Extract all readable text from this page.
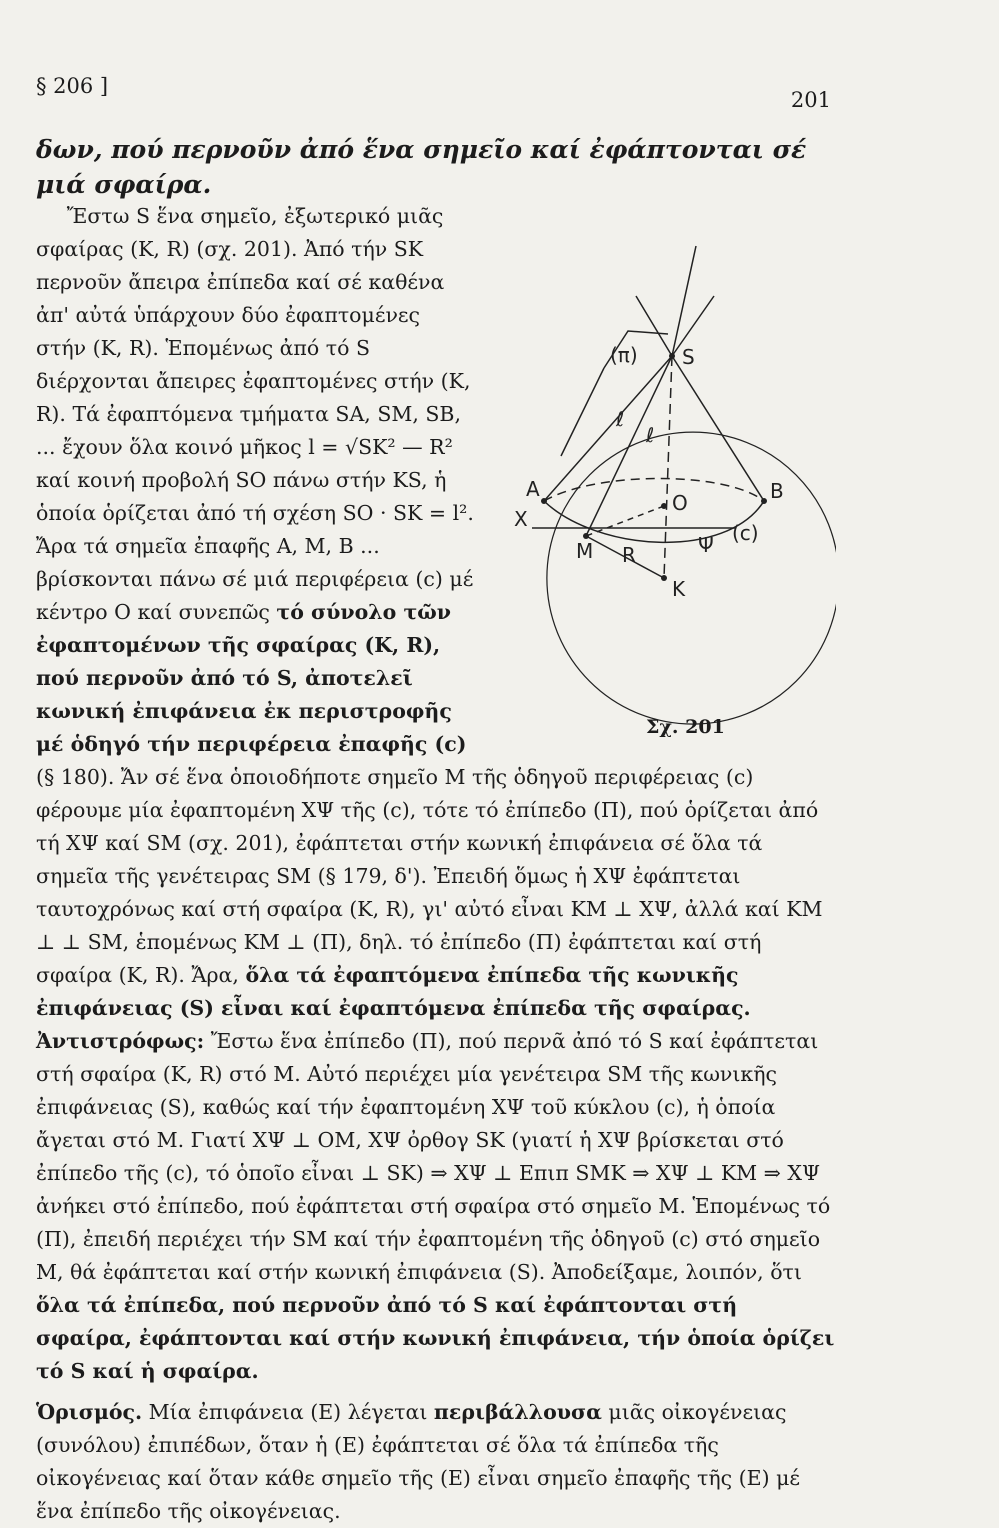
§ 206 ]
201
δων, πού περνοῦν ἀπό ἕνα σημεῖο καί ἐφάπτονται σέ μιά σφαίρα.
S
(π)
ℓ
ℓ
A	B
O
X
M R	Ψ (c)
K
Σχ. 201

Ἔστω S ἕνα σημεῖο, ἐξωτερικό μιᾶς σφαίρας (K, R) (σχ. 201). Ἀπό τήν SK περνοῦν ἄπειρα ἐπίπεδα καί σέ καθένα ἀπ' αὐτά ὑπάρχουν δύο ἐφαπτομένες στήν (K, R). Ἑπομένως ἀπό τό S διέρχονται ἄπειρες ἐφαπτομένες στήν (K, R). Τά ἐφαπτόμενα τμήματα SA, SM, SB, ... ἔχουν ὅλα κοινό μῆκος l = √SK² — R² καί κοινή προβολή SO πάνω στήν KS, ἡ ὁποία ὁρίζεται ἀπό τή σχέση SO · SK = l². Ἄρα τά σημεῖα ἐπαφῆς A, M, B ... βρίσκονται πάνω σέ μιά περιφέρεια (c) μέ κέντρο O καί συνεπῶς τό σύνολο τῶν ἐφαπτομένων τῆς σφαίρας (K, R), πού περνοῦν ἀπό τό S, ἀποτελεῖ κωνική ἐπιφάνεια ἐκ περιστροφῆς μέ ὁδηγό τήν περιφέρεια ἐπαφῆς (c) (§ 180). Ἄν σέ ἕνα ὁποιοδήποτε σημεῖο M τῆς ὁδηγοῦ περιφέρειας (c) φέρουμε μία ἐφαπτομένη XΨ τῆς (c), τότε τό ἐπίπεδο (Π), πού ὁρίζεται ἀπό τή XΨ καί SM (σχ. 201), ἐφάπτεται στήν κωνική ἐπιφάνεια σέ ὅλα τά σημεῖα τῆς γενέτειρας SM (§ 179, δ'). Ἐπειδή ὅμως ἡ XΨ ἐφάπτεται ταυτοχρόνως καί στή σφαίρα (K, R), γι' αὐτό εἶναι KM ⊥ XΨ, ἀλλά καί KM ⊥ ⊥ SM, ἑπομένως KM ⊥ (Π), δηλ. τό ἐπίπεδο (Π) ἐφάπτεται καί στή σφαίρα (K, R). Ἄρα, ὅλα τά ἐφαπτόμενα ἐπίπεδα τῆς κωνικῆς ἐπιφάνειας (S) εἶναι καί ἐφαπτόμενα ἐπίπεδα τῆς σφαίρας. Ἀντιστρόφως: Ἔστω ἕνα ἐπίπεδο (Π), πού περνᾶ ἀπό τό S καί ἐφάπτεται στή σφαίρα (K, R) στό M. Αὐτό περιέχει μία γενέτειρα SM τῆς κωνικῆς ἐπιφάνειας (S), καθώς καί τήν ἐφαπτομένη XΨ τοῦ κύκλου (c), ἡ ὁποία ἄγεται στό M. Γιατί XΨ ⊥ OM, XΨ ὀρθογ SK (γιατί ἡ XΨ βρίσκεται στό ἐπίπεδο τῆς (c), τό ὁποῖο εἶναι ⊥ SK) ⇒ XΨ ⊥ Επιπ SMK ⇒ XΨ ⊥ KM ⇒ XΨ ἀνήκει στό ἐπίπεδο, πού ἐφάπτεται στή σφαίρα στό σημεῖο M. Ἑπομένως τό (Π), ἐπειδή περιέχει τήν SM καί τήν ἐφαπτομένη τῆς ὁδηγοῦ (c) στό σημεῖο M, θά ἐφάπτεται καί στήν κωνική ἐπιφάνεια (S). Ἀποδείξαμε, λοιπόν, ὅτι ὅλα τά ἐπίπεδα, πού περνοῦν ἀπό τό S καί ἐφάπτονται στή σφαίρα, ἐφάπτονται καί στήν κωνική ἐπιφάνεια, τήν ὁποία ὁρίζει τό S καί ἡ σφαίρα.

Ὁρισμός. Μία ἐπιφάνεια (E) λέγεται περιβάλλουσα μιᾶς οἰκογένειας (συνόλου) ἐπιπέδων, ὅταν ἡ (E) ἐφάπτεται σέ ὅλα τά ἐπίπεδα τῆς οἰκογένειας καί ὅταν κάθε σημεῖο τῆς (E) εἶναι σημεῖο ἐπαφῆς τῆς (E) μέ ἕνα ἐπίπεδο τῆς οἰκογένειας.
